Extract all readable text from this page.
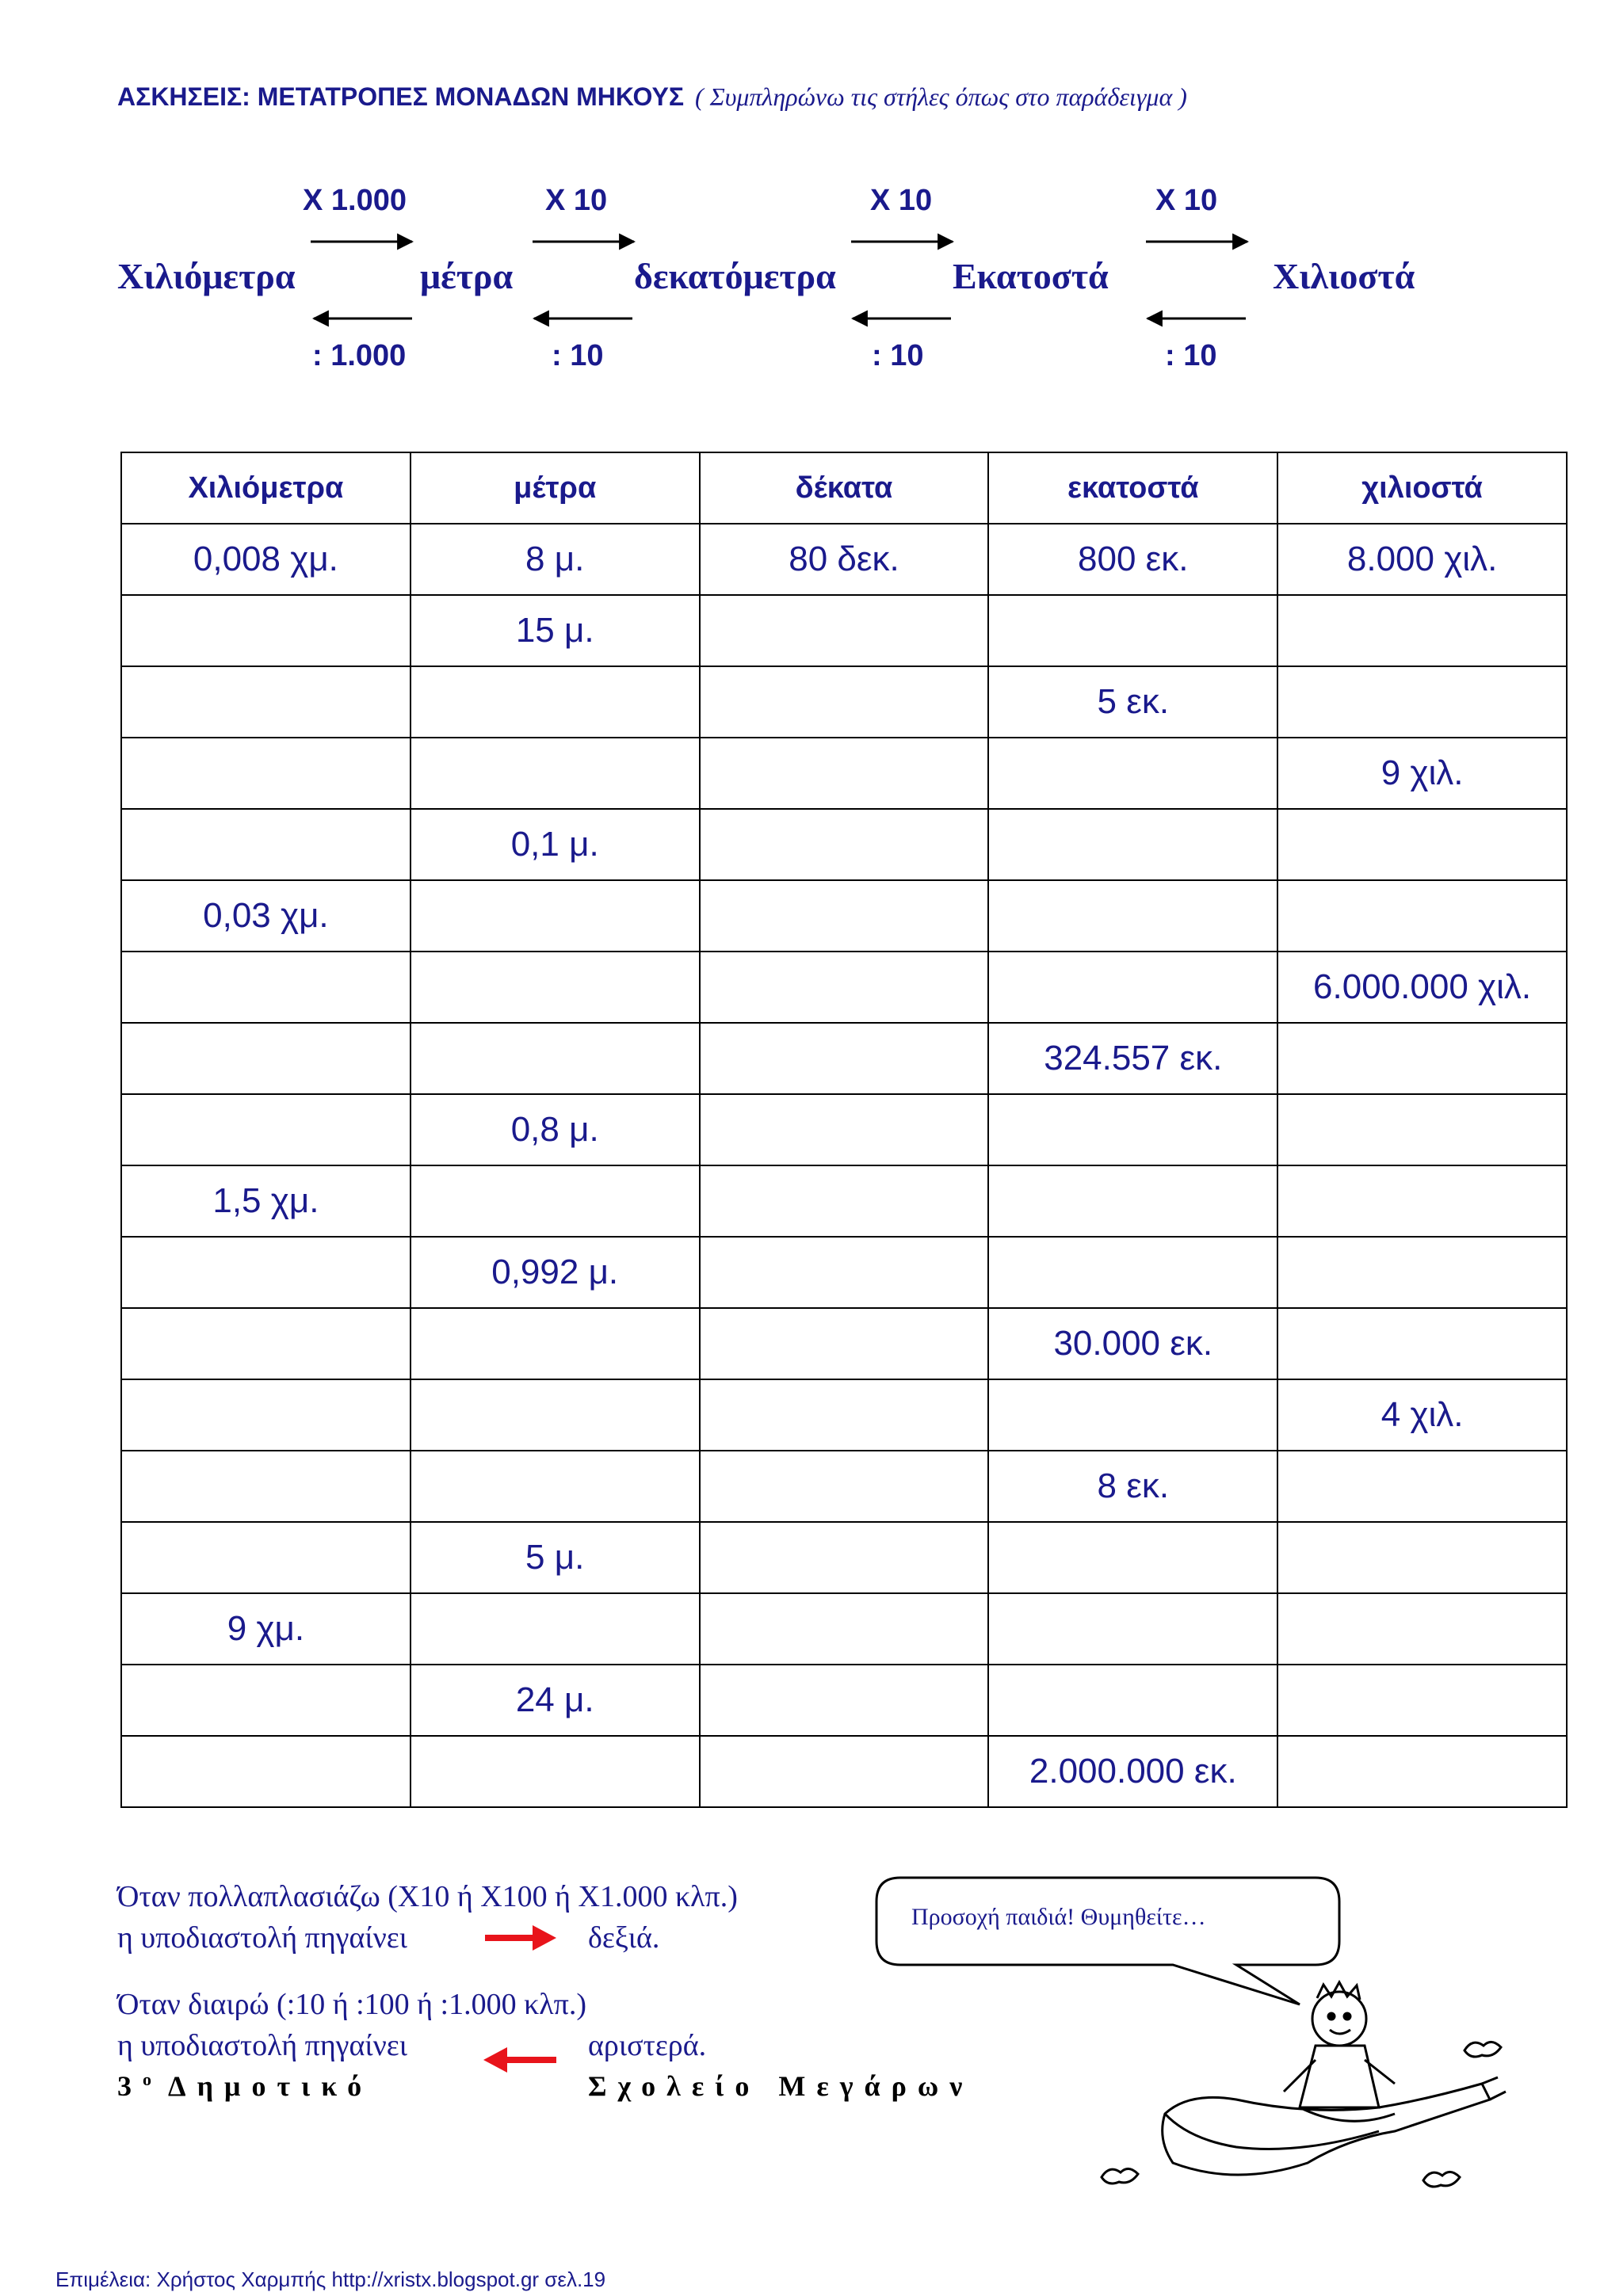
ΑΣΚΗΣΕΙΣ: ΜΕΤΑΤΡΟΠΕΣ ΜΟΝΑΔΩΝ ΜΗΚΟΥΣ ( Συμπληρώνω τις στήλες όπως στο παράδειγμα )
Χ 1.000	Χ 10	Χ 10	Χ 10
Χιλιόμετρα	μέτρα	δεκατόμετρα	Εκατοστά	Χιλιοστά
: 1.000	: 10	: 10	: 10
Χιλιόμετρα	μέτρα	δέκατα	εκατοστά	χιλιοστά
0,008 χμ.	8 μ.	80 δεκ.	800 εκ.	8.000 χιλ.
	15 μ.			
			5 εκ.	
				9 χιλ.
	0,1 μ.			
0,03 χμ.				
				6.000.000 χιλ.
			324.557 εκ.	
	0,8 μ.			
1,5 χμ.				
	0,992 μ.			
			30.000 εκ.	
				4 χιλ.
			8 εκ.	
	5 μ.			
9 χμ.				
	24 μ.			
			2.000.000 εκ.	
Όταν πολλαπλασιάζω (Χ10 ή Χ100 ή Χ1.000 κλπ.)
η υποδιαστολή πηγαίνει	δεξιά.
Όταν διαιρώ (:10 ή :100 ή :1.000 κλπ.)
η υποδιαστολή πηγαίνει	αριστερά.
$3^o$ Δημοτικό	Σχολείο Μεγάρων
Προσοχή παιδιά! Θυμηθείτε…
Επιμέλεια: Χρήστος Χαρμπής http://xristx.blogspot.gr σελ.19
